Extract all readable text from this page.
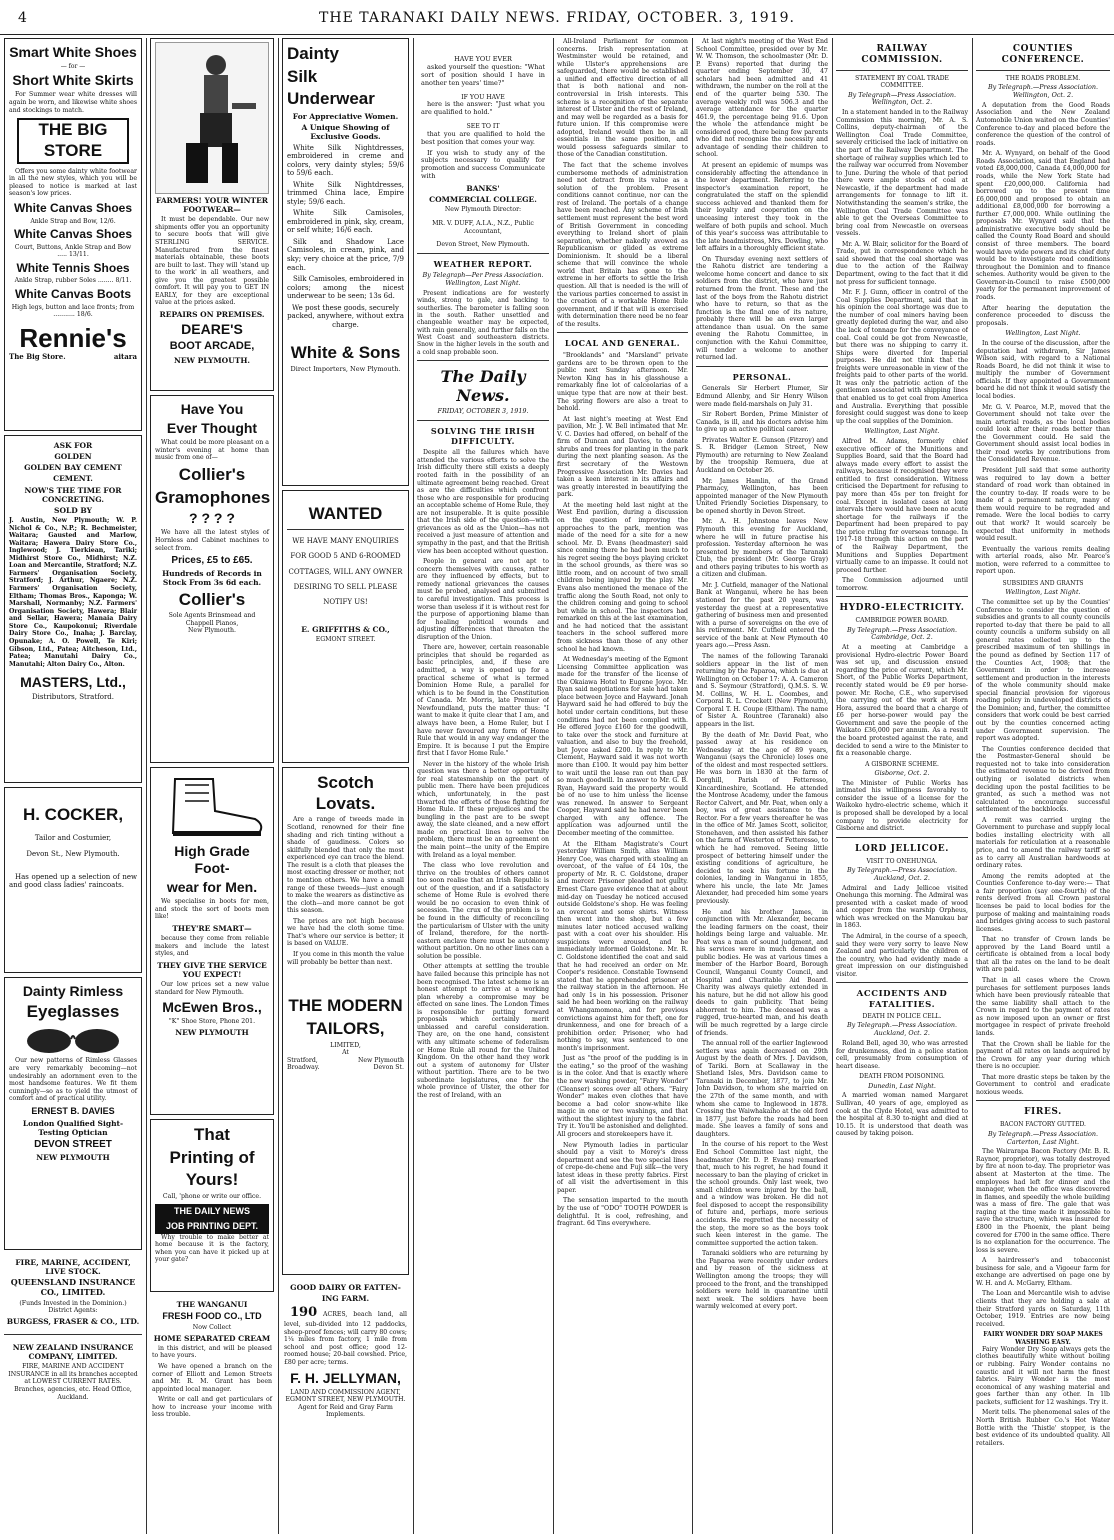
4	THE TARANAKI DAILY NEWS. FRIDAY, OCTOBER. 3, 1919.
Smart White Shoes
— for —
Short White Skirts

For Summer wear white dresses will again be worn, and likewise white shoes and stockings to match.

THE BIG STORE

Offers you some dainty white footwear in all the new styles, which you will be pleased to notice is marked at last season's low prices.

White Canvas Shoes
Ankle Strap and Bow, 12/6.
White Canvas Shoes
Court, Buttons, Ankle Strap and Bow ..... 13/11.
White Tennis Shoes
Ankle Strap, rubber Soles ........ 8/11.
White Canvas Boots
High legs, button and lace fronts; from ........... 18/6.
Rennie's
The Big Store.	aitara
ASK FOR
GOLDEN
GOLDEN BAY CEMENT
CEMENT.
NOW'S THE TIME FOR CONCRETING.
SOLD BY

J. Austin, New Plymouth; W. P. Nichol & Co., N.P.; R. Bechmeister, Waitara; Gausted and Marlow, Waitara; Hawera Dairy Store Co., Inglewood; J. Tierkiean, Tariki; Midhirst Store Co., Midhirst; N.Z. Loan and Mercantile, Stratford; N.Z. Farmers' Organisation Society, Stratford; J. Arthur, Ngaere; N.Z. Farmers' Organisation Society, Eltham; Thomas Bros., Kaponga; W. Marshall, Normanby; N.Z. Farmers' Organisation Society, Hawera; Blair and Sellar, Hawera; Manaia Dairy Store Co., Kaupokonui; Riverdale Dairy Store Co., Inaha; J. Barclay, Opunake; A. O. Powell, Te Kiri; Gibson, Ltd., Patea; Aitcheson, Ltd., Patea; Manutahi Dairy Co., Manutahi; Alton Dairy Co., Alton.

MASTERS, Ltd.,
Distributors, Stratford.
H. COCKER,
Tailor and Costumier,
Devon St., New Plymouth.

Has opened up a selection of new and good class ladies' raincoats.

Dainty Rimless
Eyeglasses

Our new patterns of Rimless Glasses are very remarkably becoming—not undesirably an adornment even to the most handsome features. We fit them cunningly—so as to yield the utmost of comfort and of practical utility.

ERNEST B. DAVIES
London Qualified Sight-Testing Optician
DEVON STREET
NEW PLYMOUTH
FIRE, MARINE, ACCIDENT, LIVE STOCK.
QUEENSLAND INSURANCE CO., LIMITED.
(Funds Invested in the Dominion.)
District Agents:
BURGESS, FRASER & CO., LTD.
NEW ZEALAND INSURANCE COMPANY, LIMITED.
FIRE, MARINE AND ACCIDENT INSURANCE in all its branches accepted at LOWEST CURRENT RATES.
Branches, agencies, etc. Head Office, Auckland.
FARMERS! YOUR WINTER FOOTWEAR—

It must be dependable. Our new shipments offer you an opportunity to secure boots that will give STERLING SERVICE. Manufactured from the finest materials obtainable, these boots are built to last. They will 'stand up to the work' in all weathers, and give you the greatest possible comfort. It will pay you to GET IN EARLY, for they are exceptional value at the prices asked.

REPAIRS ON PREMISES.
DEARE'S
BOOT ARCADE,
NEW PLYMOUTH.
Have You
Ever Thought

What could be more pleasant on a winter's evening at home than music from one of—

Collier's
Gramophones
? ? ? ?

We have all the latest styles of Hornless and Cabinet machines to select from.

Prices, £5 to £65.
Hundreds of Records in Stock From 3s 6d each.
Collier's
Sole Agents Brinsmead and Chappell Pianos,
New Plymouth.
High Grade Foot-
wear for Men.

We specialise in boots for men, and stock the sort of boots men like!

THEY'RE SMART—

because they come from reliable makers and include the latest styles, and

THEY GIVE THE SERVICE YOU EXPECT!

Our low prices set a new value standard for New Plymouth.

McEwen Bros.,
"K" Shoe Store, Phone 201.
NEW PLYMOUTH
That
Printing of
Yours!
Call, 'phone or write our office.
THE DAILY NEWS
JOB PRINTING DEPT.

Why trouble to make better at home because it is the factory, when you can have it picked up at your gate?

THE WANGANUI
FRESH FOOD CO., LTD
Now Collect
HOME SEPARATED CREAM

in this district, and will be pleased to have yours.

We have opened a branch on the corner of Elliott and Lemon Streets and Mr. R. M. Grant has been appointed local manager.

Write or call and get particulars of how to increase your income with less trouble.

Dainty
Silk
Underwear
For Appreciative Women.
A Unique Showing of Exclusive Goods.

White Silk Nightdresses, embroidered in creme and colors, very dainty styles; 59/6 to 59/6 each.

White Silk Nightdresses, trimmed China lace, Empire style; 59/6 each.

White Silk Camisoles, embroidered in pink, sky, cream, or self white; 16/6 each.

Silk and Shadow Lace Camisoles, in cream, pink, and sky; very choice at the price, 7/9 each.

Silk Camisoles, embroidered in colors; among the nicest underwear to be seen; 13s 6d.

We post these goods, securely packed, anywhere, without extra charge.

White & Sons
Direct Importers, New Plymouth.
WANTED

WE HAVE MANY ENQUIRIES FOR GOOD 5 AND 6-ROOMED COTTAGES, WILL ANY OWNER DESIRING TO SELL PLEASE NOTIFY US!

E. GRIFFITHS & CO.,
EGMONT STREET.
Scotch Lovats.

Are a range of tweeds made in Scotland, renowned for their fine shading and rich tinting without a shade of gaudiness. Colors so skilfully blended that only the most experienced eye can trace the blend. The result is a cloth that pleases the most exacting dresser or mother, not to mention others. We have a small range of these tweeds—just enough to make the wearers as distinctive as the cloth—and more cannot be got this season.

The prices are not high because we have had the cloth some time. That's where our service is better; it is based on VALUE.

If you come in this month the value will probably be better than next.

THE MODERN
TAILORS,
LIMITED,
At
Stratford,	New Plymouth
Broadway.	Devon St.
GOOD DAIRY OR FATTEN-
ING FARM.

190 ACRES, beach land, all level, sub-divided into 12 paddocks, sheep-proof fences; will carry 80 cows; 1¼ miles from factory, 1 mile from school and post office; good 12-roomed house; 20-bail cowshed. Price, £80 per acre; terms.

F. H. JELLYMAN,
LAND AND COMMISSION AGENT, EGMONT STREET, NEW PLYMOUTH.
Agent for Reid and Gray Farm Implements.
HAVE YOU EVER

asked yourself the question: "What sort of position should I have in another ten years' time?"

IF YOU HAVE

here is the answer: "Just what you are qualified to hold."

SEE TO IT

that you are qualified to hold the best position that comes your way.

If you wish to study any of the subjects necessary to qualify for promotion and success Communicate with

BANKS'
COMMERCIAL COLLEGE.
New Plymouth Director:
MR. V. DUFF, A.I.A., N.Z., Public Accountant,
Devon Street, New Plymouth.
WEATHER REPORT.
By Telegraph—Per Press Association. Wellington, Last Night.

Present indications are for westerly winds, strong to gale, and backing to southerlies. The barometer is falling soon in the south. Rather unsettled and changeable weather may be expected, with rain generally, and further falls on the West Coast and southeastern districts. Snow in the higher levels in the south and a cold snap probable soon.

The Daily News.
FRIDAY, OCTOBER 3, 1919.
SOLVING THE IRISH DIFFICULTY.

Despite all the failures which have attended the various efforts to solve the Irish difficulty there still exists a deeply rooted faith in the possibility of an ultimate agreement being reached. Great as are the difficulties which confront those who are responsible for producing an acceptable scheme of Home Rule, they are not insuperable. It is quite possible that the Irish side of the question—with grievances as old as the Union—has not received a just measure of attention and sympathy in the past, and that the British view has been accepted without question.

People in general are not apt to concern themselves with causes, rather are they influenced by effects, but to remedy national grievances the causes must be probed, analysed and submitted to careful investigation. This process is worse than useless if it is without rest for the purpose of apportioning blame than for healing political wounds and adjusting differences that threaten the disruption of the Union.

There are, however, certain reasonable principles that should be regarded as basic principles, and, if these are admitted, a way is opened up for a practical scheme of what is termed Dominion Home Rule, a parallel for which is to be found in the Constitution of Canada. Mr. Morris, late Premier of Newfoundland, puts the matter thus: "I want to make it quite clear that I am, and always have been, a Home Ruler, but I have never favoured any form of Home Rule that would in any way endanger the Empire. It is because I put the Empire first that I favor Home Rule."

Never in the history of the whole Irish question was there a better opportunity for real statesmanship on the part of public men. There have been prejudices which, unfortunately, in the past thwarted the efforts of those fighting for Home Rule. If these prejudices and the bungling in the past are to be swept away, the slate cleaned, and a new effort made on practical lines to solve the problem, there must be an agreement on the main point—the unity of the Empire with Ireland as a loyal member.

The class who love revolution and thrive on the troubles of others cannot too soon realise that an Irish Republic is out of the question, and if a satisfactory scheme of Home Rule is evolved there would be no occasion to even think of secession. The crux of the problem is to be found in the difficulty of reconciling the particularism of Ulster with the unity of Ireland, therefore, for the north-eastern enclave there must be autonomy without partition. On no other lines can a solution be possible.

Other attempts at settling the trouble have failed because this principle has not been recognised. The latest scheme is an honest attempt to arrive at a working plan whereby a compromise may be effected on sane lines. The London Times is responsible for putting forward proposals which certainly merit unbiassed and careful consideration. They are, on the one hand, consistent with any ultimate scheme of federalism or Home Rule all round for the United Kingdom. On the other hand they work out a system of autonomy for Ulster without partition. There are to be two subordinate legislatures, one for the whole province of Ulster, the other for the rest of Ireland, with an

All-Ireland Parliament for common concerns. Irish representation at Westminster would be retained, and while Ulster's apprehensions are safeguarded, there would be established a unified and effective direction of all that is both national and non-controversial in Irish interests. This scheme is a recognition of the separate interest of Ulster and the rest of Ireland, and may well be regarded as a basis for future union. If this compromise were adopted, Ireland would then be in all essentials in the same position, and would possess safeguards similar to those of the Canadian constitution.

The fact that the scheme involves cumbersome methods of administration need not detract from its value as a solution of the problem. Present conditions cannot continue, nor can the rest of Ireland. The portals of a change have been reached. Any scheme of Irish settlement must represent the best word of British Government in conceding everything to Ireland short of plain separation, whether nakedly avowed as Republicanism or glided as extreme Dominionism. It should be a liberal scheme that will convince the whole world that Britain has gone to the extreme in her efforts to settle the Irish question. All that is needed is the will of the various parties concerned to assist in the creation of a workable Home Rule government, and if that will is exercised with determination there need be no fear of the results.

LOCAL AND GENERAL.

"Brooklands" and "Marsland" private gardens are to be thrown open to the public next Sunday afternoon. Mr. Newton King has in his glasshouse a remarkably fine lot of calceolarias of a unique type that are now at their best. The spring flowers are also a treat to behold.

At last night's meeting at West End pavilion, Mr. J. W. Bell intimated that Mr. V. C. Davies had offered, on behalf of the firm of Duncan and Davies, to donate shrubs and trees for planting in the park during the next planting season. As the first secretary of the Westown Progressive Association Mr. Davies had taken a keen interest in its affairs and was greatly interested in beautifying the park.

At the meeting held last night at the West End pavilion, during a discussion on the question of improving the approaches to the park, mention was made of the need for a site for a new school. Mr. D. Evans (headmaster) said since coming there he had been much to his regret seeing the boys playing cricket in the school grounds, as there was so little room, and on account of two small children being injured by the play. Mr. Evans also mentioned the menace of the traffic along the South Road, not only to the children coming and going to school but while in school. The inspectors had remarked on this at the last examination, and he had noticed that the assistant teachers in the school suffered more from sickness than those of any other school he had known.

At Wednesday's meeting of the Egmont Licensing Committee application was made for the transfer of the license of the Okaiawa Hotel to Eugene Joyce. Mr. Ryan said negotiations for sale had taken place between Joyce and Hayward. Jonah Hayward said he had offered to buy the hotel under certain conditions, but these conditions had not been complied with. He offered Joyce £160 for the goodwill, to take over the stock and furniture at valuation, and also to buy the freehold, but Joyce asked £200. In reply to Mr. Clement, Hayward said it was not worth more than £100. It would pay him better to wait until the lease ran out than pay so much goodwill. In answer to Mr. G. B. Ryan, Hayward said the property would be of no use to him unless the license was renewed. In answer to Sergeant Cooper, Hayward said he had never been charged with any offence. The application was adjourned until the December meeting of the committee.

At the Eltham Magistrate's Court yesterday William Smith, alias William Henry Coe, was charged with stealing an overcoat, of the value of £4 10s, the property of Mr. R. C. Goldstone, draper and mercer. Prisoner pleaded not guilty. Ernest Clare gave evidence that at about mid-day on Tuesday he noticed accused outside Goldstone's shop. He was feeling an overcoat and some shirts. Witness then went into the shop, but a few minutes later noticed accused walking past with a coat over his shoulder. His suspicions were aroused, and he immediately informed Goldstone. Mr. R. C. Goldstone identified the coat and said that he had received an order on Mr. Cooper's residence. Constable Townsend stated that he apprehended prisoner at the railway station in the afternoon. He had only 1s in his possession. Prisoner said he had been working on the railway at Whangamomona, and for previous convictions against him for theft, one for drunkenness, and one for breach of a prohibition order. Prisoner, who had nothing to say, was sentenced to one month's imprisonment.

Just as "the proof of the pudding is in the eating," so the proof of the washing is in the color. And that is exactly where the new washing powder, "Fairy Wonder" (Cleanser) scores over all others. "Fairy Wonder" makes even clothes that have become a bad color snow-white like magic in one or two washings, and that without the slightest injury to the fabric. Try it. You'll be astonished and delighted. All grocers and storekeepers have it.

New Plymouth ladies in particular should pay a visit to Morey's dress department and see the two special lines of crepe-de-chene and Fuji silk—the very latest ideas in these pretty fabrics. First of all visit the advertisement in this paper.

The sensation imparted to the mouth by the use of "ODO" TOOTH POWDER is delightful. It is cool, refreshing, and fragrant. 6d Tins everywhere.

At last night's meeting of the West End School Committee, presided over by Mr. W. W. Thomson, the schoolmaster (Mr. D. P. Evans) reported that during the quarter ending September 30, 47 scholars had been admitted and 41 withdrawn, the number on the roll at the end of the quarter being 530. The average weekly roll was 506.3 and the average attendance for the quarter 461.9, the percentage being 91.6. Upon the whole the attendance might be considered good, there being few parents who did not recognise the necessity and advantage of sending their children to school.

At present an epidemic of mumps was considerably affecting the attendance in the lower department. Referring to the inspector's examination report, he congratulated the staff on the splendid success achieved and thanked them for their loyalty and cooperation on the unceasing interest they took in the welfare of both pupils and school. Much of this year's success was attributable to the late headmistress, Mrs. Dowling, who left affairs in a thoroughly efficient state.

On Thursday evening next settlers of the Rahotu district are tendering a welcome home concert and dance to six soldiers from the district, who have just returned from the front. These and the last of the boys from the Rahotu district who have to return, so that as the function is the final one of its nature, probably there will be an even larger attendance than usual. On the same evening the Rahotu Committee, in conjunction with the Kahui Committee, will tender a welcome to another returned lad.

PERSONAL.

Generals Sir Herbert Plumer, Sir Edmund Allenby, and Sir Henry Wilson were made field-marshals on July 31.

Sir Robert Borden, Prime Minister of Canada, is ill, and his doctors advise him to give up an active political career.

Privates Walter E. Gunson (Fitzroy) and S. R. Bridger (Lemon Street, New Plymouth) are returning to New Zealand by the troopship Remuera, due at Auckland on October 26.

Mr. James Hamlin, of the Grand Pharmacy, Wellington, has been appointed manager of the New Plymouth United Friendly Societies Dispensary, to be opened shortly in Devon Street.

Mr. A. H. Johnstone leaves New Plymouth this evening for Auckland, where he will in future practise his profession. Yesterday afternoon he was presented by members of the Taranaki Club, the president (Mr. George Gray) and others paying tributes to his worth as a citizen and clubman.

Mr. J. Cutfield, manager of the National Bank at Wanganui, where he has been stationed for the past 20 years, was yesterday the guest at a representative gathering of business men and presented with a purse of sovereigns on the eve of his retirement. Mr. Cutfield entered the service of the bank at New Plymouth 40 years ago.—Press Assn.

The names of the following Taranaki soldiers appear in the list of men returning by the Paparoa, which is due at Wellington on October 17: A. A. Cameron and S. Seymour (Stratford), Q.M.S. S. W. M. Collins, W. H. L. Coombes, and Corporal R. L. Crockett (New Plymouth), Corporal T. H. Coupe (Eltham). The name of Sister A. Rountree (Taranaki) also appears in the list.

By the death of Mr. David Peat, who passed away at his residence on Wednesday at the age of 89 years, Wanganui (says the Chronicle) loses one of the oldest and most respected settlers. He was born in 1830 at the farm of Dorghill, Parish of Fetteresso, Kincardineshire, Scotland. He attended the Montrose Academy, under the famous Rector Calvert, and Mr. Peat, when only a boy, was of great assistance to the Rector. For a few years thereafter he was in the office of Mr. James Scott, solicitor, Stonehaven, and then assisted his father on the farm of Westerton of Fetteresso, to which he had removed. Seeing little prospect of bettering himself under the existing conditions of agriculture, he decided to seek his fortune in the colonies, landing in Wanganui in 1855, where his uncle, the late Mr. James Alexander, had preceded him some years previously.

He and his brother James, in conjunction with Mr. Alexander, became the leading farmers on the coast, their holdings being large and valuable. Mr. Peat was a man of sound judgment, and his services were in much demand on public bodies. He was at various times a member of the Harbor Board, Borough Council, Wanganui County Council, and Hospital and Charitable Aid Board. Charity was always quietly extended in his nature, but he did not allow his good deeds to gain publicity. That being abhorrent to him. The deceased was a rugged, true-hearted man, and his death will be much regretted by a large circle of friends.

The annual roll of the earlier Inglewood settlers was again decreased on 29th August by the death of Mrs. J. Davidson, of Tariki. Born at Scallaway in the Shetland Isles, Mrs. Davidson came to Taranaki in December, 1877, to join Mr. John Davidson, to whom she married on the 27th of the same month, and with whom she came to Inglewood in 1878. Crossing the Waiwhakaiho at the old ford in 1877, just before the roads had been made. She leaves a family of sons and daughters.

In the course of his report to the West End School Committee last night, the headmaster (Mr. D. P. Evans) remarked that, much to his regret, he had found it necessary to ban the playing of cricket in the school grounds. Only last week, two small children were injured by the ball, and a window was broken. He did not feel disposed to accept the responsibility of future and, perhaps, more serious accidents. He regretted the necessity of the step, the more so as the boys took such keen interest in the game. The committee supported the action taken.

Taranaki soldiers who are returning by the Paparoa were recently under orders and by reason of the sickness at Wellington among the troops; they will proceed to the front, and the transhipped soldiers were held in quarantine until next week. The soldiers have been warmly welcomed at every port.

RAILWAY COMMISSION.
STATEMENT BY COAL TRADE COMMITTEE.
By Telegraph—Press Association. Wellington, Oct. 2.

In a statement handed in to the Railway Commission this morning, Mr. A. S. Collins, deputy-chairman of the Wellington Coal Trade Committee, severely criticised the lack of initiative on the part of the Railway Department. The shortage of railway supplies which led to the railway war occurred from November to June. During the whole of that period there were ample stocks of coal at Newcastle, if the department had made arrangements for tonnage to lift it. Notwithstanding the seamen's strike, the Wellington Coal Trade Committee was able to get the Overseas Committee to bring coal from Newcastle on overseas vessels.

Mr. A. W. Blair, solicitor for the Board of Trade, put in correspondence which he said showed that the coal shortage was due to the action of the Railway Department, owing to the fact that it did not press for sufficient tonnage.

Mr. F. J. Gunn, officer in control of the Coal Supplies Department, said that in his opinion the coal shortage was due to the number of coal miners having been greatly depleted during the war, and also the lack of tonnage for the conveyance of coal. Coal could be got from Newcastle, but there was no shipping to carry it. Ships were diverted for Imperial purposes. He did not think that the freights were unreasonable in view of the freights paid to other parts of the world. It was only the patriotic action of the gentlemen associated with shipping lines that enabled us to get coal from America and Australia. Everything that possible foresight could suggest was done to keep up the coal supplies of the Dominion.

Wellington, Last Night.

Alfred M. Adams, formerly chief executive officer of the Munitions and Supplies Board, said that the Board had always made every effort to assist the railways, because it recognised they were entitled to first consideration. Witness criticised the Department for refusing to pay more than 45s per ton freight for coal. Except in isolated cases at long intervals there would have been no acute shortage for the railways if the Department had been prepared to pay the price ruling for overseas tonnage. In 1917-18 through this action on the part of the Railway Department, the Munitions and Supplies Department virtually came to an impasse. It could not proceed further.

The Commission adjourned until tomorrow.

HYDRO-ELECTRICITY.
CAMBRIDGE POWER BOARD.
By Telegraph.—Press Association. Cambridge, Oct. 2.

At a meeting at Cambridge a provisional Hydro-electric Power Board was set up, and discussion ensued regarding the price of current, which Mr. Short, of the Public Works Department, recently stated would be £9 per horse-power. Mr. Roche, C.E., who supervised the carrying out of the work at Horn Hora, assured the board that a charge of £6 per horse-power would pay the Government and save the people of the Waikato £36,000 per annum. As a result the board protested against the rate, and decided to send a wire to the Minister to fix a reasonable charge.

A GISBORNE SCHEME.
Gisborne, Oct. 2.

The Minister of Public Works has intimated his willingness favorably to consider the issue of a license for the Waikoko hydro-electric scheme, which it is proposed shall be developed by a local company to provide electricity for Gisborne and district.

LORD JELLICOE.
VISIT TO ONEHUNGA.
By Telegraph.—Press Association. Auckland, Oct. 2.

Admiral and Lady Jellicoe visited Onehunga this morning. The Admiral was presented with a casket made of wood and copper from the warship Orpheus, which was wrecked on the Manukau bar in 1863.

The Admiral, in the course of a speech, said they were very sorry to leave New Zealand and particularly the children of the country, who had evidently made a great impression on our distinguished visitor.

ACCIDENTS AND FATALITIES.
DEATH IN POLICE CELL.
By Telegraph.—Press Association. Auckland, Oct. 2.

Roland Bell, aged 30, who was arrested for drunkenness, died in a police station cell, presumably from consumption of heart disease.

DEATH FROM POISONING.
Dunedin, Last Night.

A married woman named Margaret Sullivan, 40 years of age, employed as cook at the Clyde Hotel, was admitted to the hospital at 8.30 to-night and died at 10.15. It is understood that death was caused by taking poison.

COUNTIES CONFERENCE.
THE ROADS PROBLEM.
By Telegraph.—Press Association. Wellington, Oct. 2.

A deputation from the Good Roads Association and the New Zealand Automobile Union waited on the Counties' Conference to-day and placed before the conference the question of the control of roads.

Mr. A. Wynyard, on behalf of the Good Roads Association, said that England had voted £8,000,000, Canada £4,000,000 for roads, while the New York State had spent £20,000,000. California had borrowed up to the present time £6,000,000 and proposed to obtain an additional £8,000,000 for borrowing a further £7,000,000. While outlining the proposals Mr. Wynyard said that the administrative executive body should be called the County Road Board and should consist of three members. The board would have wide powers and its chief duty would be to investigate road conditions throughout the Dominion and to finance schemes. Authority would be given to the Governor-in-Council to raise £500,000 yearly for the permanent improvement of roads.

After hearing the deputation the conference proceeded to discuss the proposals.

Wellington, Last Night.

In the course of the discussion, after the deputation had withdrawn, Sir James Wilson said, with regard to a National Roads Board, he did not think it wise to multiply the number of Government officials. If they appointed a Government board he did not think it would satisfy the local bodies.

Mr. G. V. Pearce, M.P., moved that the Government should not take over the main arterial roads, as the local bodies could look after their roads better than the Government could. He said the Government should assist local bodies in their road works by contributions from the Consolidated Revenue.

President Jull said that some authority was required to lay down a better standard of road work than obtained in the country to-day. If roads were to be made of a permanent nature, many of them would require to be regraded and remade. Were the local bodies to carry out that work? It would scarcely be expected that uniformity in methods would result.

Eventually the various remits dealing with arterial roads, also Mr. Pearce's motion, were referred to a committee to report upon.

SUBSIDIES AND GRANTS
Wellington, Last Night.

The committee set up by the Counties' Conference to consider the question of subsidies and grants to all county councils reported to-day that there be paid to all county councils a uniform subsidy on all general rates collected up to the prescribed maximum of ten shillings in the pound as defined by Section 117 of the Counties Act, 1908; that the Government in order to increase settlement and production in the interests of the whole community should make special financial provision for vigorous roading policy in undeveloped districts of the Dominion; and, further, the committee considers that work could be best carried out by the counties concerned acting under Government supervision. The report was adopted.

The Counties conference decided that the Postmaster-General should be requested not to take into consideration the estimated revenue to be derived from outlying or isolated districts when deciding upon the postal facilities to be granted, as such a method was not calculated to encourage successful settlement of the backblocks.

A remit was carried urging the Government to purchase and supply local bodies installing electricity with all materials for reticulation at a reasonable price, and to amend the railway tariff so as to carry all Australian hardwoods at ordinary rates.

Among the remits adopted at the Counties Conference to-day were:— That a fair proportion (say one-fourth) of the rents derived from all Crown pastoral licenses be paid to local bodies for the purpose of making and maintaining roads and bridges giving access to such pastoral licenses.

That no transfer of Crown lands be approved by the Land Board until a certificate is obtained from a local body that all the rates on the land to be dealt with are paid.

That in all cases where the Crown purchases for settlement purposes lands which have been previously rateable that the same liability shall attach to the Crown in regard to the payment of rates as now imposed upon an owner or first mortgagee in respect of private freehold lands.

That the Crown shall be liable for the payment of all rates on lands acquired by the Crown for any year during which there is no occupier.

That more drastic steps be taken by the Government to control and eradicate noxious weeds.

FIRES.
BACON FACTORY GUTTED.
By Telegraph.—Press Association. Carterton, Last Night.

The Wairarapa Bacon Factory (Mr. B. R. Raynor, proprietor), was totally destroyed by fire at noon to-day. The proprietor was absent at Masterton at the time. The employees had left for dinner and the manager, when the office was discovered in flames, and speedily the whole building was a mass of fire. The gale that was raging at the time made it impossible to save the structure, which was insured for £800 in the Phoenix, the plant being covered for £700 in the same office. There is no explanation for the occurrence. The loss is severe.

A hairdresser's and tobacconist business for sale, and a Vigoeur farm for exchange are advertised on page one by W. H. and A. McGarry, Eltham.

The Loan and Mercantile wish to advise clients that they are holding a sale at their Stratford yards on Saturday, 11th October, 1919. Entries are now being received.

FAIRY WONDER DRY SOAP MAKES WASHING EASY.

Fairy Wonder Dry Soap always gets the clothes beautifully white without boiling or rubbing. Fairy Wonder contains no caustic and it will not harm the finest fabrics. Fairy Wonder is the most economical of any washing material and goes farther than any other. In 1lb packets, sufficient for 12 washings. Try it.

Merit tells. The phenomenal sales of the North British Rubber Co.'s Hot Water Bottle with the 'Thistle' stopper, is the best evidence of its undoubted quality. All retailers.
